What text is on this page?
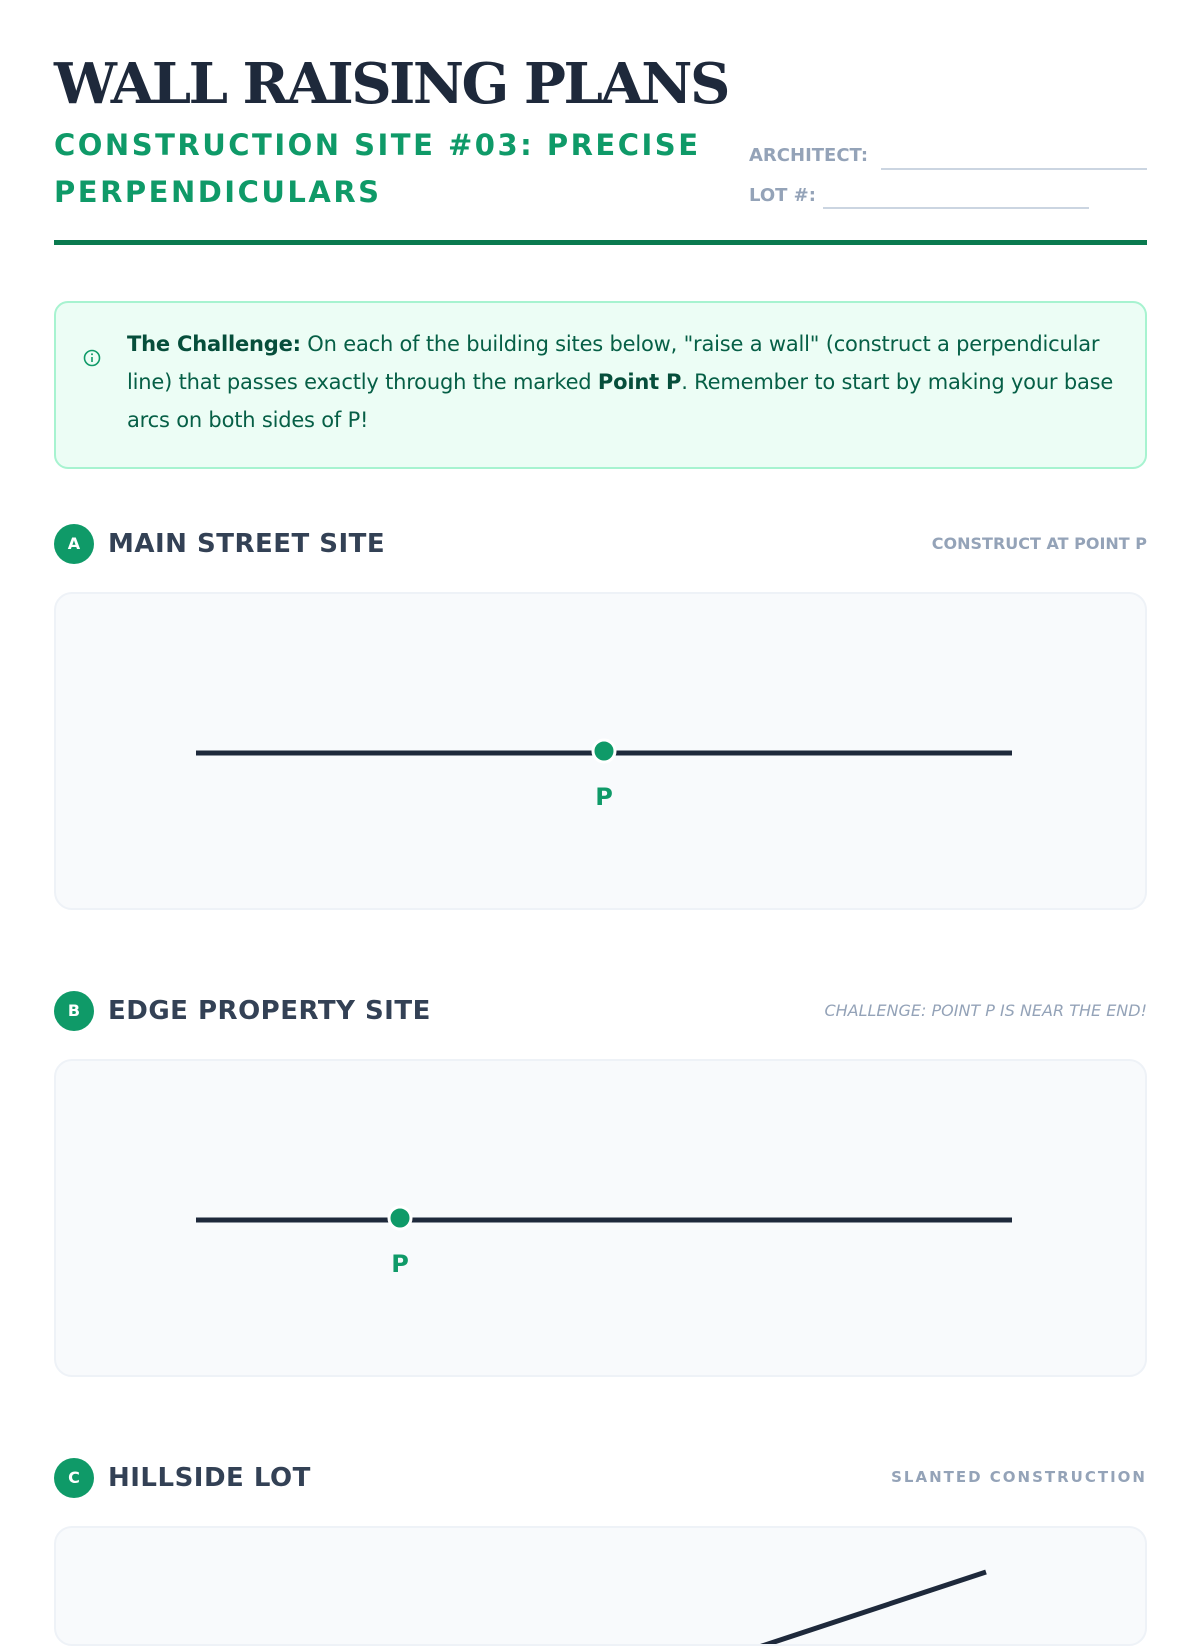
WALL RAISING PLANS

CONSTRUCTION SITE #03: PRECISE PERPENDICULARS

ARCHITECT:
LOT #:

The Challenge: On each of the building sites below, "raise a wall" (construct a perpendicular line) that passes exactly through the marked Point P. Remember to start by making your base arcs on both sides of P!

A	MAIN STREET SITE	CONSTRUCT AT POINT P

P
B	EDGE PROPERTY SITE	CHALLENGE: POINT P IS NEAR THE END!

P
C	HILLSIDE LOT	SLANTED CONSTRUCTION
